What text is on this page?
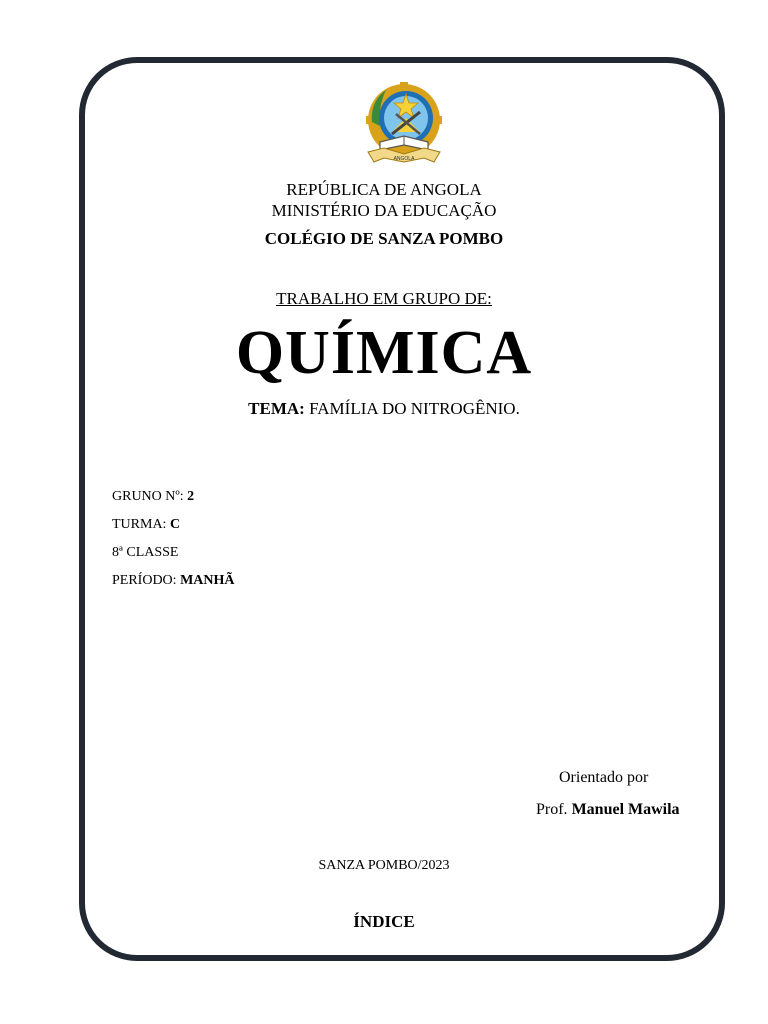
ANGOLA
REPÚBLICA DE ANGOLA
MINISTÉRIO DA EDUCAÇÃO
COLÉGIO DE SANZA POMBO
TRABALHO EM GRUPO DE:
QUÍMICA
TEMA: FAMÍLIA DO NITROGÊNIO.
GRUNO Nº: 2
TURMA: C
8ª CLASSE
PERÍODO: MANHÃ
Orientado por
Prof. Manuel Mawila
SANZA POMBO/2023
ÍNDICE
